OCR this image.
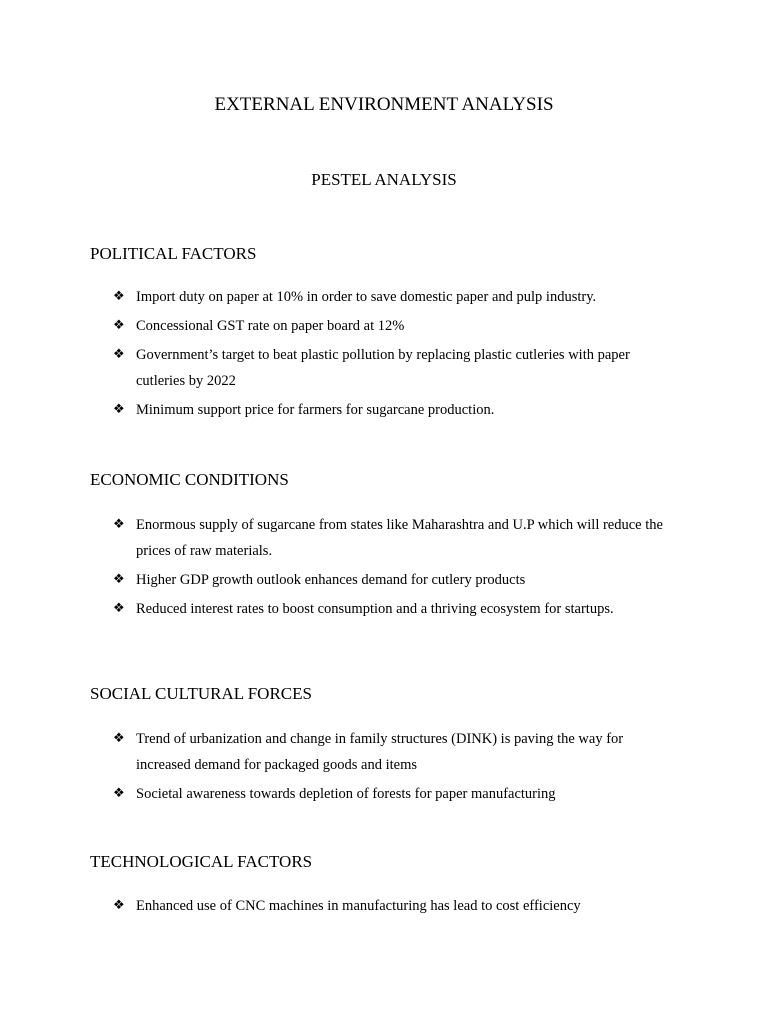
EXTERNAL ENVIRONMENT ANALYSIS
PESTEL ANALYSIS
POLITICAL FACTORS
❖ Import duty on paper at 10% in order to save domestic paper and pulp industry.
❖ Concessional GST rate on paper board at 12%
❖ Government’s target to beat plastic pollution by replacing plastic cutleries with paper cutleries by 2022
❖ Minimum support price for farmers for sugarcane production.
ECONOMIC CONDITIONS
❖ Enormous supply of sugarcane from states like Maharashtra and U.P which will reduce the prices of raw materials.
❖ Higher GDP growth outlook enhances demand for cutlery products
❖ Reduced interest rates to boost consumption and a thriving ecosystem for startups.
SOCIAL CULTURAL FORCES
❖ Trend of urbanization and change in family structures (DINK) is paving the way for increased demand for packaged goods and items
❖ Societal awareness towards depletion of forests for paper manufacturing
TECHNOLOGICAL FACTORS
❖ Enhanced use of CNC machines in manufacturing has lead to cost efficiency
